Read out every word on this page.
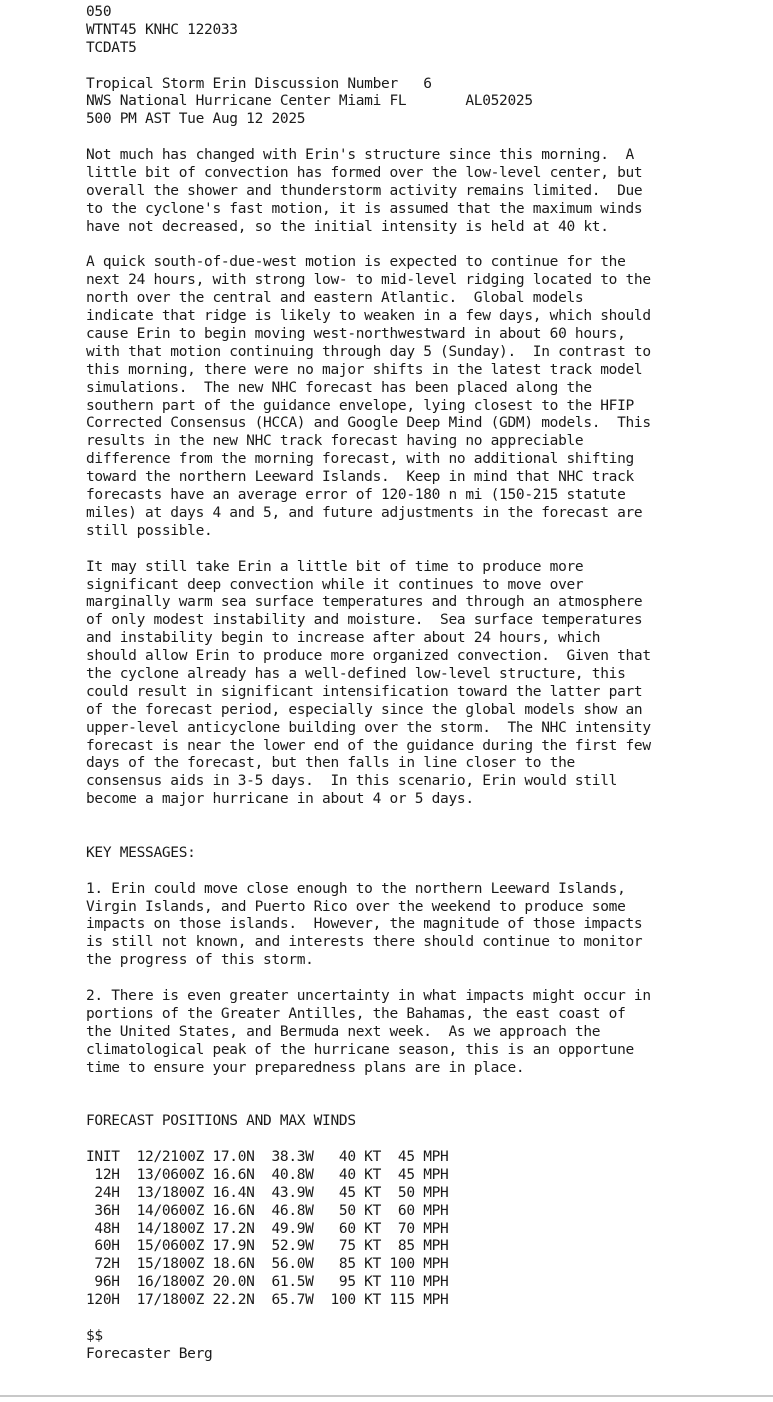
050
WTNT45 KNHC 122033
TCDAT5
Tropical Storm Erin Discussion Number   6
NWS National Hurricane Center Miami FL       AL052025
500 PM AST Tue Aug 12 2025
Not much has changed with Erin's structure since this morning.  A
little bit of convection has formed over the low-level center, but
overall the shower and thunderstorm activity remains limited.  Due
to the cyclone's fast motion, it is assumed that the maximum winds
have not decreased, so the initial intensity is held at 40 kt.
A quick south-of-due-west motion is expected to continue for the
next 24 hours, with strong low- to mid-level ridging located to the
north over the central and eastern Atlantic.  Global models
indicate that ridge is likely to weaken in a few days, which should
cause Erin to begin moving west-northwestward in about 60 hours,
with that motion continuing through day 5 (Sunday).  In contrast to
this morning, there were no major shifts in the latest track model
simulations.  The new NHC forecast has been placed along the
southern part of the guidance envelope, lying closest to the HFIP
Corrected Consensus (HCCA) and Google Deep Mind (GDM) models.  This
results in the new NHC track forecast having no appreciable
difference from the morning forecast, with no additional shifting
toward the northern Leeward Islands.  Keep in mind that NHC track
forecasts have an average error of 120-180 n mi (150-215 statute
miles) at days 4 and 5, and future adjustments in the forecast are
still possible.
It may still take Erin a little bit of time to produce more
significant deep convection while it continues to move over
marginally warm sea surface temperatures and through an atmosphere
of only modest instability and moisture.  Sea surface temperatures
and instability begin to increase after about 24 hours, which
should allow Erin to produce more organized convection.  Given that
the cyclone already has a well-defined low-level structure, this
could result in significant intensification toward the latter part
of the forecast period, especially since the global models show an
upper-level anticyclone building over the storm.  The NHC intensity
forecast is near the lower end of the guidance during the first few
days of the forecast, but then falls in line closer to the
consensus aids in 3-5 days.  In this scenario, Erin would still
become a major hurricane in about 4 or 5 days.
KEY MESSAGES:
1. Erin could move close enough to the northern Leeward Islands,
Virgin Islands, and Puerto Rico over the weekend to produce some
impacts on those islands.  However, the magnitude of those impacts
is still not known, and interests there should continue to monitor
the progress of this storm.
2. There is even greater uncertainty in what impacts might occur in
portions of the Greater Antilles, the Bahamas, the east coast of
the United States, and Bermuda next week.  As we approach the
climatological peak of the hurricane season, this is an opportune
time to ensure your preparedness plans are in place.
FORECAST POSITIONS AND MAX WINDS
INIT  12/2100Z 17.0N  38.3W   40 KT  45 MPH
12H  13/0600Z 16.6N  40.8W   40 KT  45 MPH
24H  13/1800Z 16.4N  43.9W   45 KT  50 MPH
36H  14/0600Z 16.6N  46.8W   50 KT  60 MPH
48H  14/1800Z 17.2N  49.9W   60 KT  70 MPH
60H  15/0600Z 17.9N  52.9W   75 KT  85 MPH
72H  15/1800Z 18.6N  56.0W   85 KT 100 MPH
96H  16/1800Z 20.0N  61.5W   95 KT 110 MPH
120H  17/1800Z 22.2N  65.7W  100 KT 115 MPH
$$
Forecaster Berg
